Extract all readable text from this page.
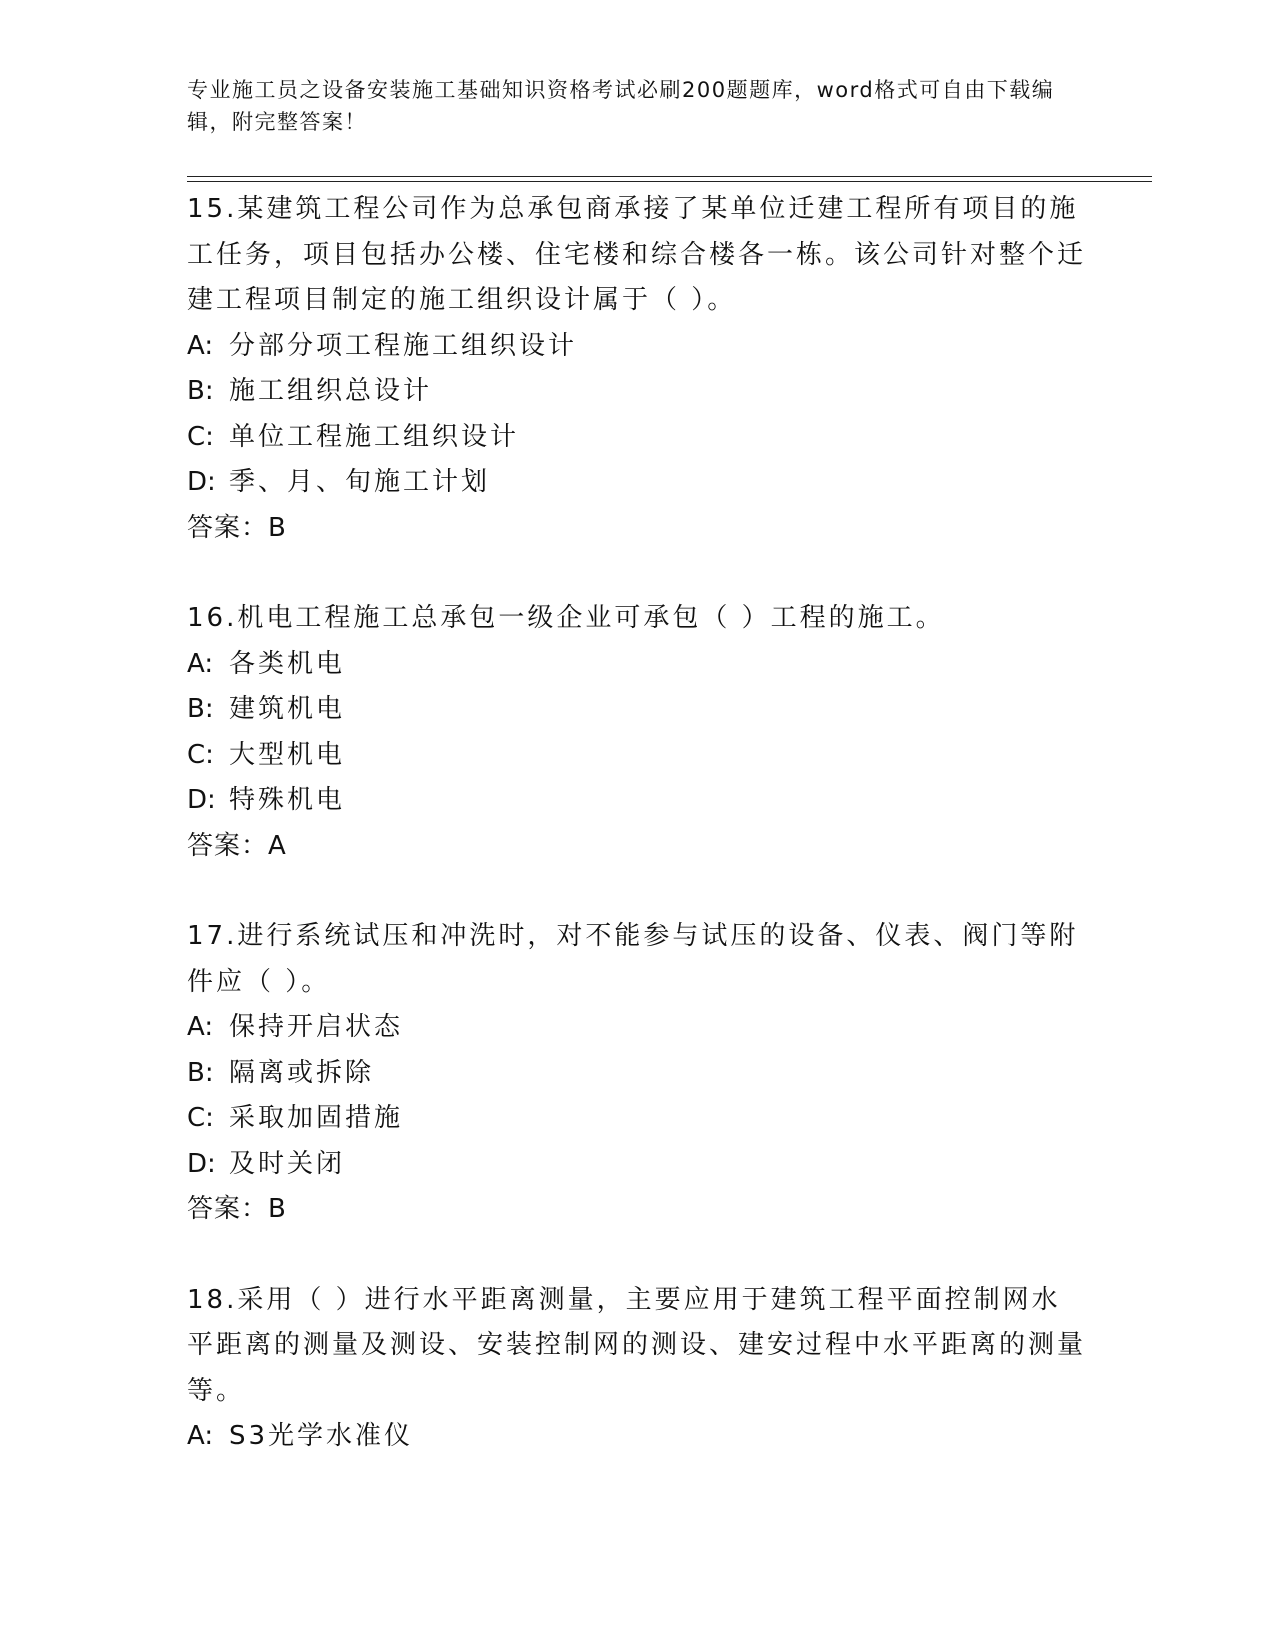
专业施工员之设备安装施工基础知识资格考试必刷200题题库，word格式可自由下载编辑，附完整答案！

15.某建筑工程公司作为总承包商承接了某单位迁建工程所有项目的施工任务，项目包括办公楼、住宅楼和综合楼各一栋。该公司针对整个迁建工程项目制定的施工组织设计属于（ ）。

A: 分部分项工程施工组织设计

B: 施工组织总设计

C: 单位工程施工组织设计

D: 季、月、旬施工计划

答案：B

16.机电工程施工总承包一级企业可承包（ ）工程的施工。

A: 各类机电

B: 建筑机电

C: 大型机电

D: 特殊机电

答案：A

17.进行系统试压和冲洗时，对不能参与试压的设备、仪表、阀门等附件应（ ）。

A: 保持开启状态

B: 隔离或拆除

C: 采取加固措施

D: 及时关闭

答案：B

18.采用（ ）进行水平距离测量，主要应用于建筑工程平面控制网水平距离的测量及测设、安装控制网的测设、建安过程中水平距离的测量等。

A: S3光学水准仪
